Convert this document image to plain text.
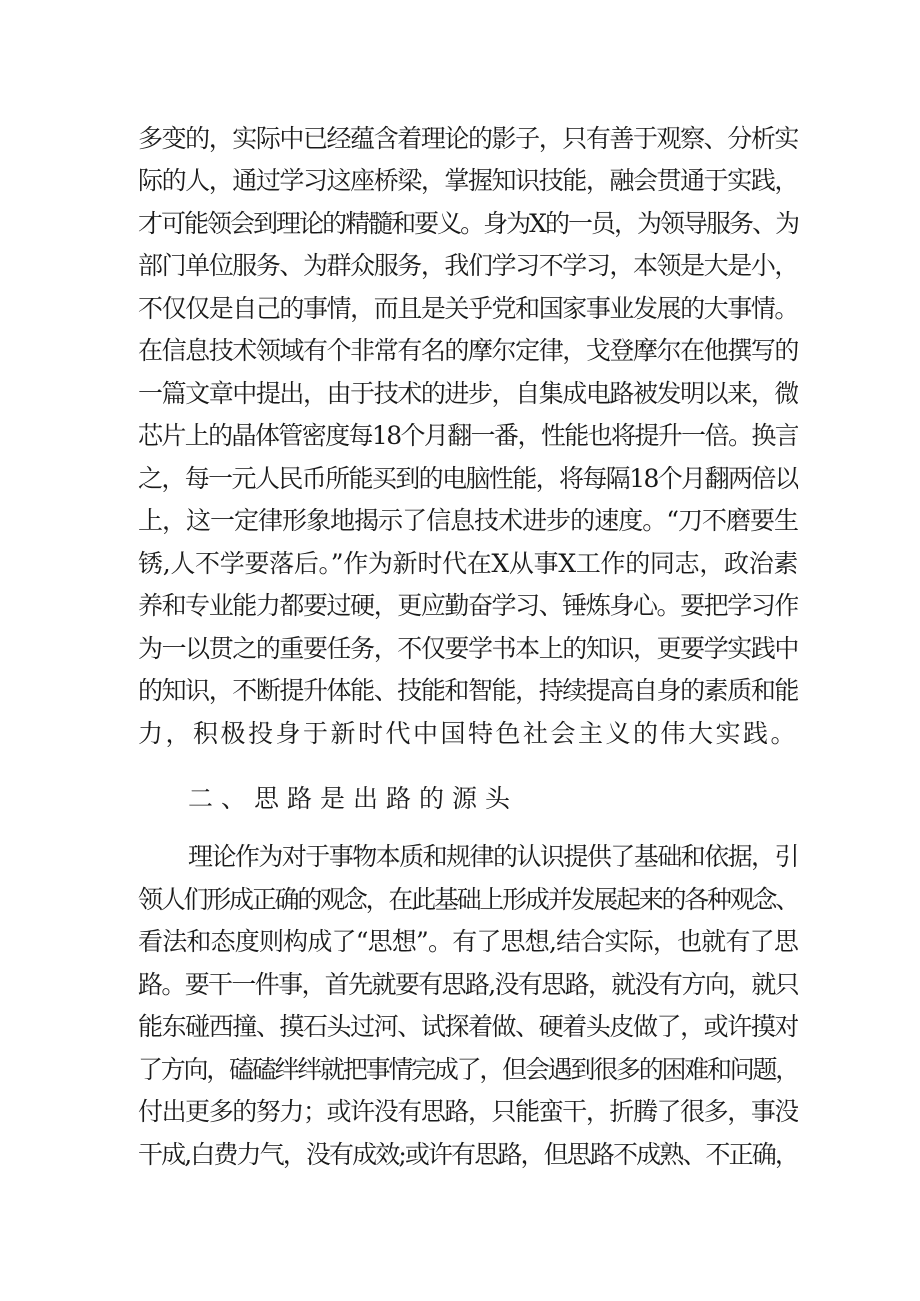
多变的，实际中已经蕴含着理论的影子，只有善于观察、分析实
际的人，通过学习这座桥梁，掌握知识技能，融会贯通于实践，
才可能领会到理论的精髓和要义。身为X的一员，为领导服务、为
部门单位服务、为群众服务，我们学习不学习，本领是大是小，
不仅仅是自己的事情，而且是关乎党和国家事业发展的大事情。
在信息技术领域有个非常有名的摩尔定律，戈登摩尔在他撰写的
一篇文章中提出，由于技术的进步，自集成电路被发明以来，微
芯片上的晶体管密度每18个月翻一番，性能也将提升一倍。换言
之，每一元人民币所能买到的电脑性能，将每隔18个月翻两倍以
上，这一定律形象地揭示了信息技术进步的速度。“刀不磨要生
锈,人不学要落后。”作为新时代在X从事X工作的同志，政治素
养和专业能力都要过硬，更应勤奋学习、锤炼身心。要把学习作
为一以贯之的重要任务，不仅要学书本上的知识，更要学实践中
的知识，不断提升体能、技能和智能，持续提高自身的素质和能
力，积极投身于新时代中国特色社会主义的伟大实践。
二、思路是出路的源头
理论作为对于事物本质和规律的认识提供了基础和依据，引
领人们形成正确的观念，在此基础上形成并发展起来的各种观念、
看法和态度则构成了“思想”。有了思想,结合实际，也就有了思
路。要干一件事，首先就要有思路,没有思路，就没有方向，就只
能东碰西撞、摸石头过河、试探着做、硬着头皮做了，或许摸对
了方向，磕磕绊绊就把事情完成了，但会遇到很多的困难和问题，
付出更多的努力；或许没有思路，只能蛮干，折腾了很多，事没
干成,白费力气，没有成效;或许有思路，但思路不成熟、不正确，
